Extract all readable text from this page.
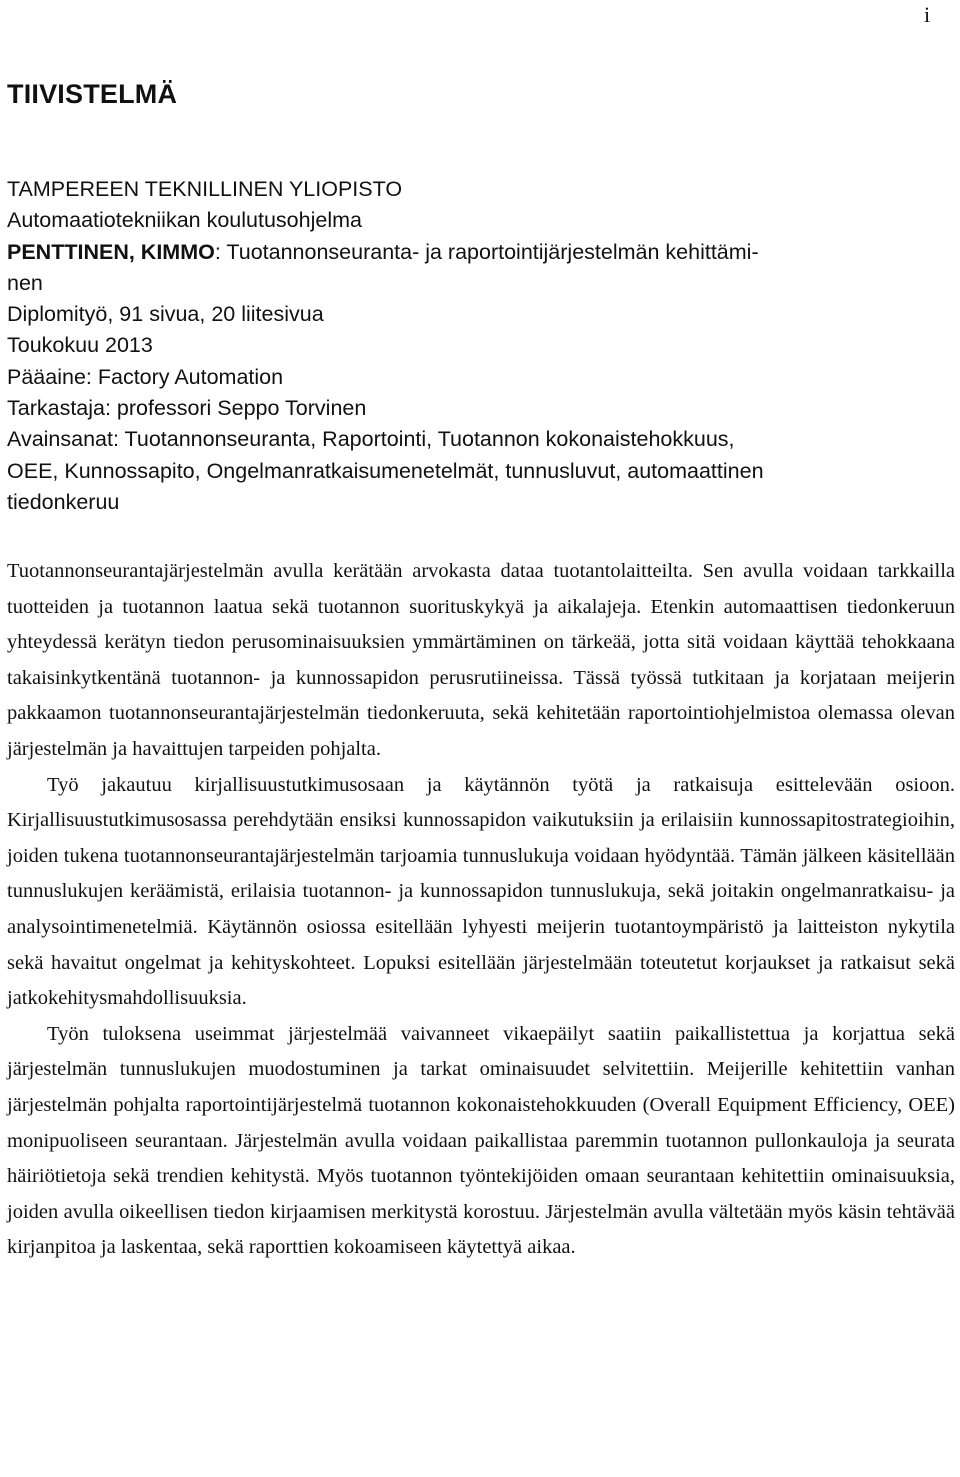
i
TIIVISTELMÄ
TAMPEREEN TEKNILLINEN YLIOPISTO
Automaatiotekniikan koulutusohjelma
PENTTINEN, KIMMO: Tuotannonseuranta- ja raportointijärjestelmän kehittämi-
nen
Diplomityö, 91 sivua, 20 liitesivua
Toukokuu 2013
Pääaine: Factory Automation
Tarkastaja: professori Seppo Torvinen
Avainsanat: Tuotannonseuranta, Raportointi, Tuotannon kokonaistehokkuus,
OEE, Kunnossapito, Ongelmanratkaisumenetelmät, tunnusluvut, automaattinen
tiedonkeruu

Tuotannonseurantajärjestelmän avulla kerätään arvokasta dataa tuotantolaitteilta. Sen avulla voidaan tarkkailla tuotteiden ja tuotannon laatua sekä tuotannon suorituskykyä ja aikalajeja. Etenkin automaattisen tiedonkeruun yhteydessä kerätyn tiedon perusominaisuuksien ymmärtäminen on tärkeää, jotta sitä voidaan käyttää tehokkaana takaisinkytkentänä tuotannon- ja kunnossapidon perusrutiineissa. Tässä työssä tutkitaan ja korjataan meijerin pakkaamon tuotannonseurantajärjestelmän tiedonkeruuta, sekä kehitetään raportointiohjelmistoa olemassa olevan järjestelmän ja havaittujen tarpeiden pohjalta.

Työ jakautuu kirjallisuustutkimusosaan ja käytännön työtä ja ratkaisuja esittelevään osioon. Kirjallisuustutkimusosassa perehdytään ensiksi kunnossapidon vaikutuksiin ja erilaisiin kunnossapitostrategioihin, joiden tukena tuotannonseurantajärjestelmän tarjoamia tunnuslukuja voidaan hyödyntää. Tämän jälkeen käsitellään tunnuslukujen keräämistä, erilaisia tuotannon- ja kunnossapidon tunnuslukuja, sekä joitakin ongelmanratkaisu- ja analysointimenetelmiä. Käytännön osiossa esitellään lyhyesti meijerin tuotantoympäristö ja laitteiston nykytila sekä havaitut ongelmat ja kehityskohteet. Lopuksi esitellään järjestelmään toteutetut korjaukset ja ratkaisut sekä jatkokehitysmahdollisuuksia.

Työn tuloksena useimmat järjestelmää vaivanneet vikaepäilyt saatiin paikallistettua ja korjattua sekä järjestelmän tunnuslukujen muodostuminen ja tarkat ominaisuudet selvitettiin. Meijerille kehitettiin vanhan järjestelmän pohjalta raportointijärjestelmä tuotannon kokonaistehokkuuden (Overall Equipment Efficiency, OEE) monipuoliseen seurantaan. Järjestelmän avulla voidaan paikallistaa paremmin tuotannon pullonkauloja ja seurata häiriötietoja sekä trendien kehitystä. Myös tuotannon työntekijöiden omaan seurantaan kehitettiin ominaisuuksia, joiden avulla oikeellisen tiedon kirjaamisen merkitystä korostuu. Järjestelmän avulla vältetään myös käsin tehtävää kirjanpitoa ja laskentaa, sekä raporttien kokoamiseen käytettyä aikaa.
